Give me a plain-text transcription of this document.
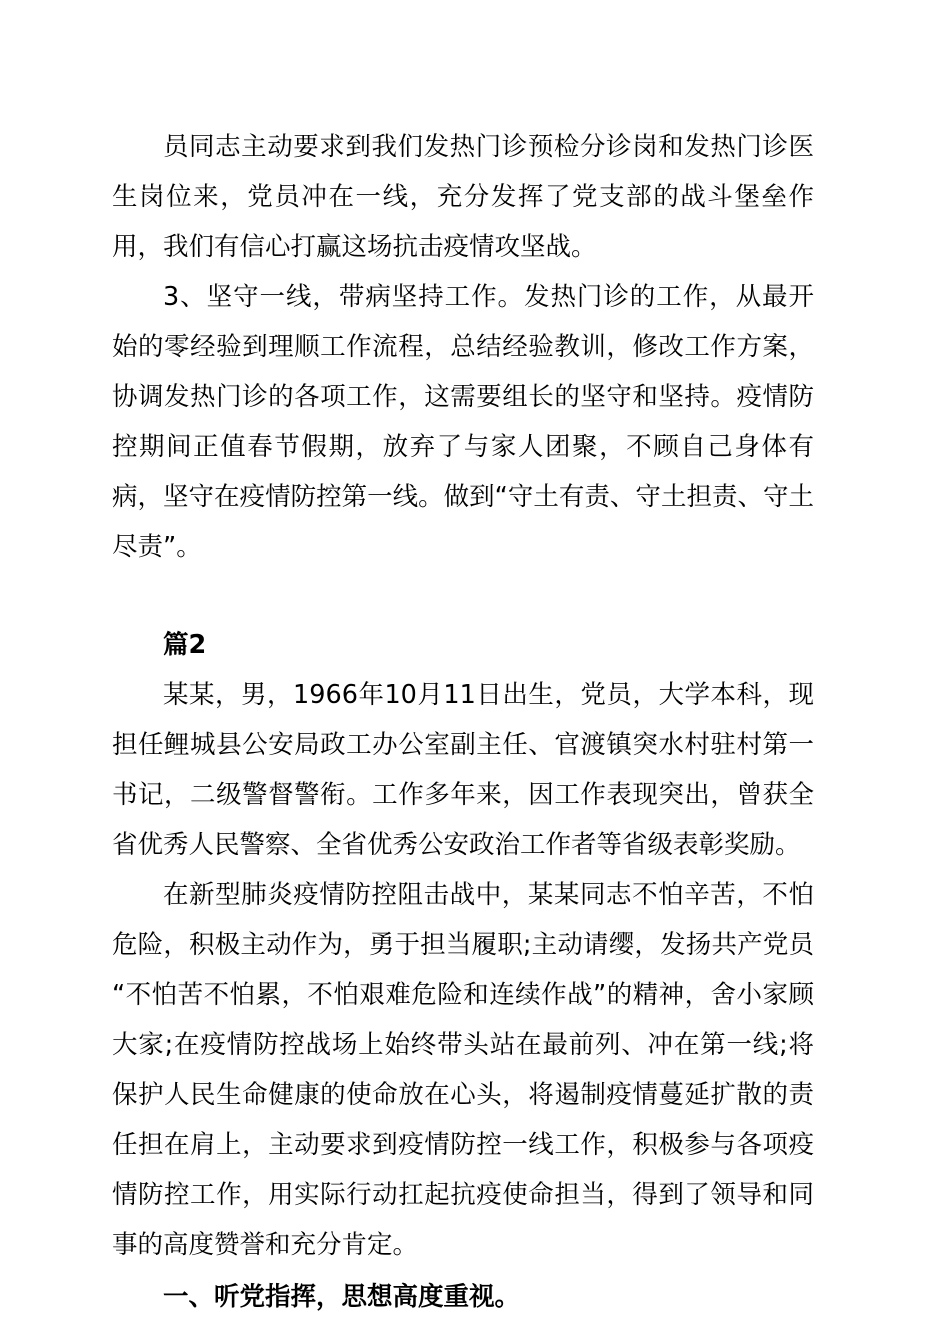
员同志主动要求到我们发热门诊预检分诊岗和发热门诊医生岗位来，党员冲在一线，充分发挥了党支部的战斗堡垒作用，我们有信心打赢这场抗击疫情攻坚战。

3、坚守一线，带病坚持工作。发热门诊的工作，从最开始的零经验到理顺工作流程，总结经验教训，修改工作方案，协调发热门诊的各项工作，这需要组长的坚守和坚持。疫情防控期间正值春节假期，放弃了与家人团聚，不顾自己身体有病，坚守在疫情防控第一线。做到“守土有责、守土担责、守土尽责”。

篇2

某某，男，1966年10月11日出生，党员，大学本科，现担任鲤城县公安局政工办公室副主任、官渡镇突水村驻村第一书记，二级警督警衔。工作多年来，因工作表现突出，曾获全省优秀人民警察、全省优秀公安政治工作者等省级表彰奖励。

在新型肺炎疫情防控阻击战中，某某同志不怕辛苦，不怕危险，积极主动作为，勇于担当履职;主动请缨，发扬共产党员“不怕苦不怕累，不怕艰难危险和连续作战”的精神，舍小家顾大家;在疫情防控战场上始终带头站在最前列、冲在第一线;将保护人民生命健康的使命放在心头，将遏制疫情蔓延扩散的责任担在肩上，主动要求到疫情防控一线工作，积极参与各项疫情防控工作，用实际行动扛起抗疫使命担当，得到了领导和同事的高度赞誉和充分肯定。

一、听党指挥，思想高度重视。
